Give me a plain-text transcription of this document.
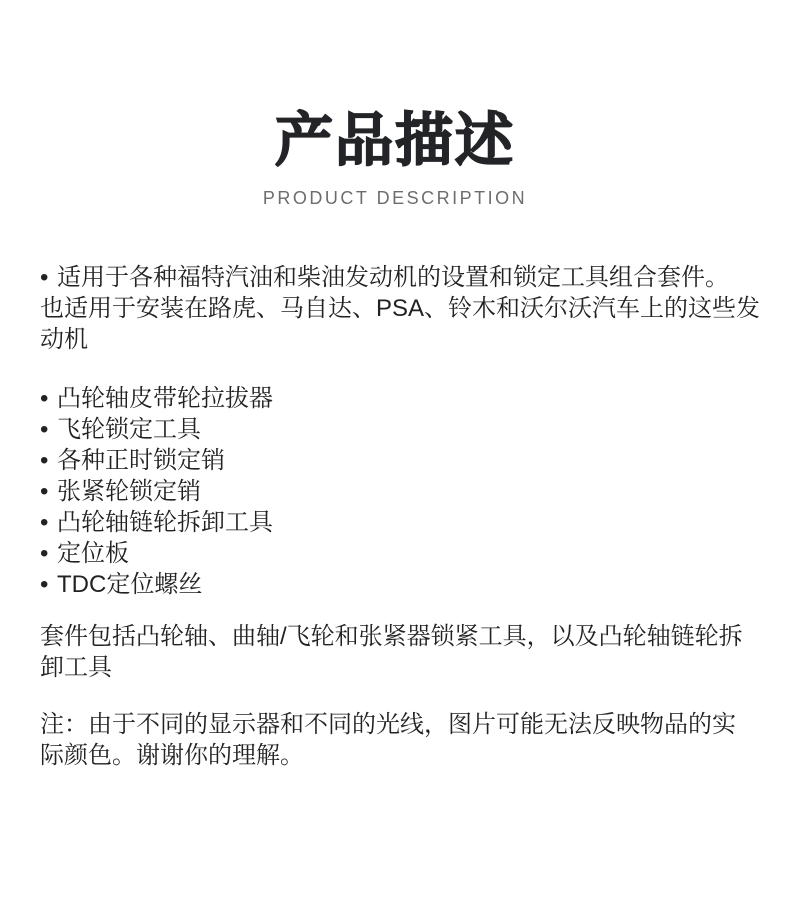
产品描述
PRODUCT DESCRIPTION

• 适用于各种福特汽油和柴油发动机的设置和锁定工具组合套件。

也适用于安装在路虎、马自达、PSA、铃木和沃尔沃汽车上的这些发

动机

• 凸轮轴皮带轮拉拔器
• 飞轮锁定工具
• 各种正时锁定销
• 张紧轮锁定销
• 凸轮轴链轮拆卸工具
• 定位板
• TDC定位螺丝

套件包括凸轮轴、曲轴/飞轮和张紧器锁紧工具，以及凸轮轴链轮拆

卸工具

注：由于不同的显示器和不同的光线，图片可能无法反映物品的实

际颜色。谢谢你的理解。
